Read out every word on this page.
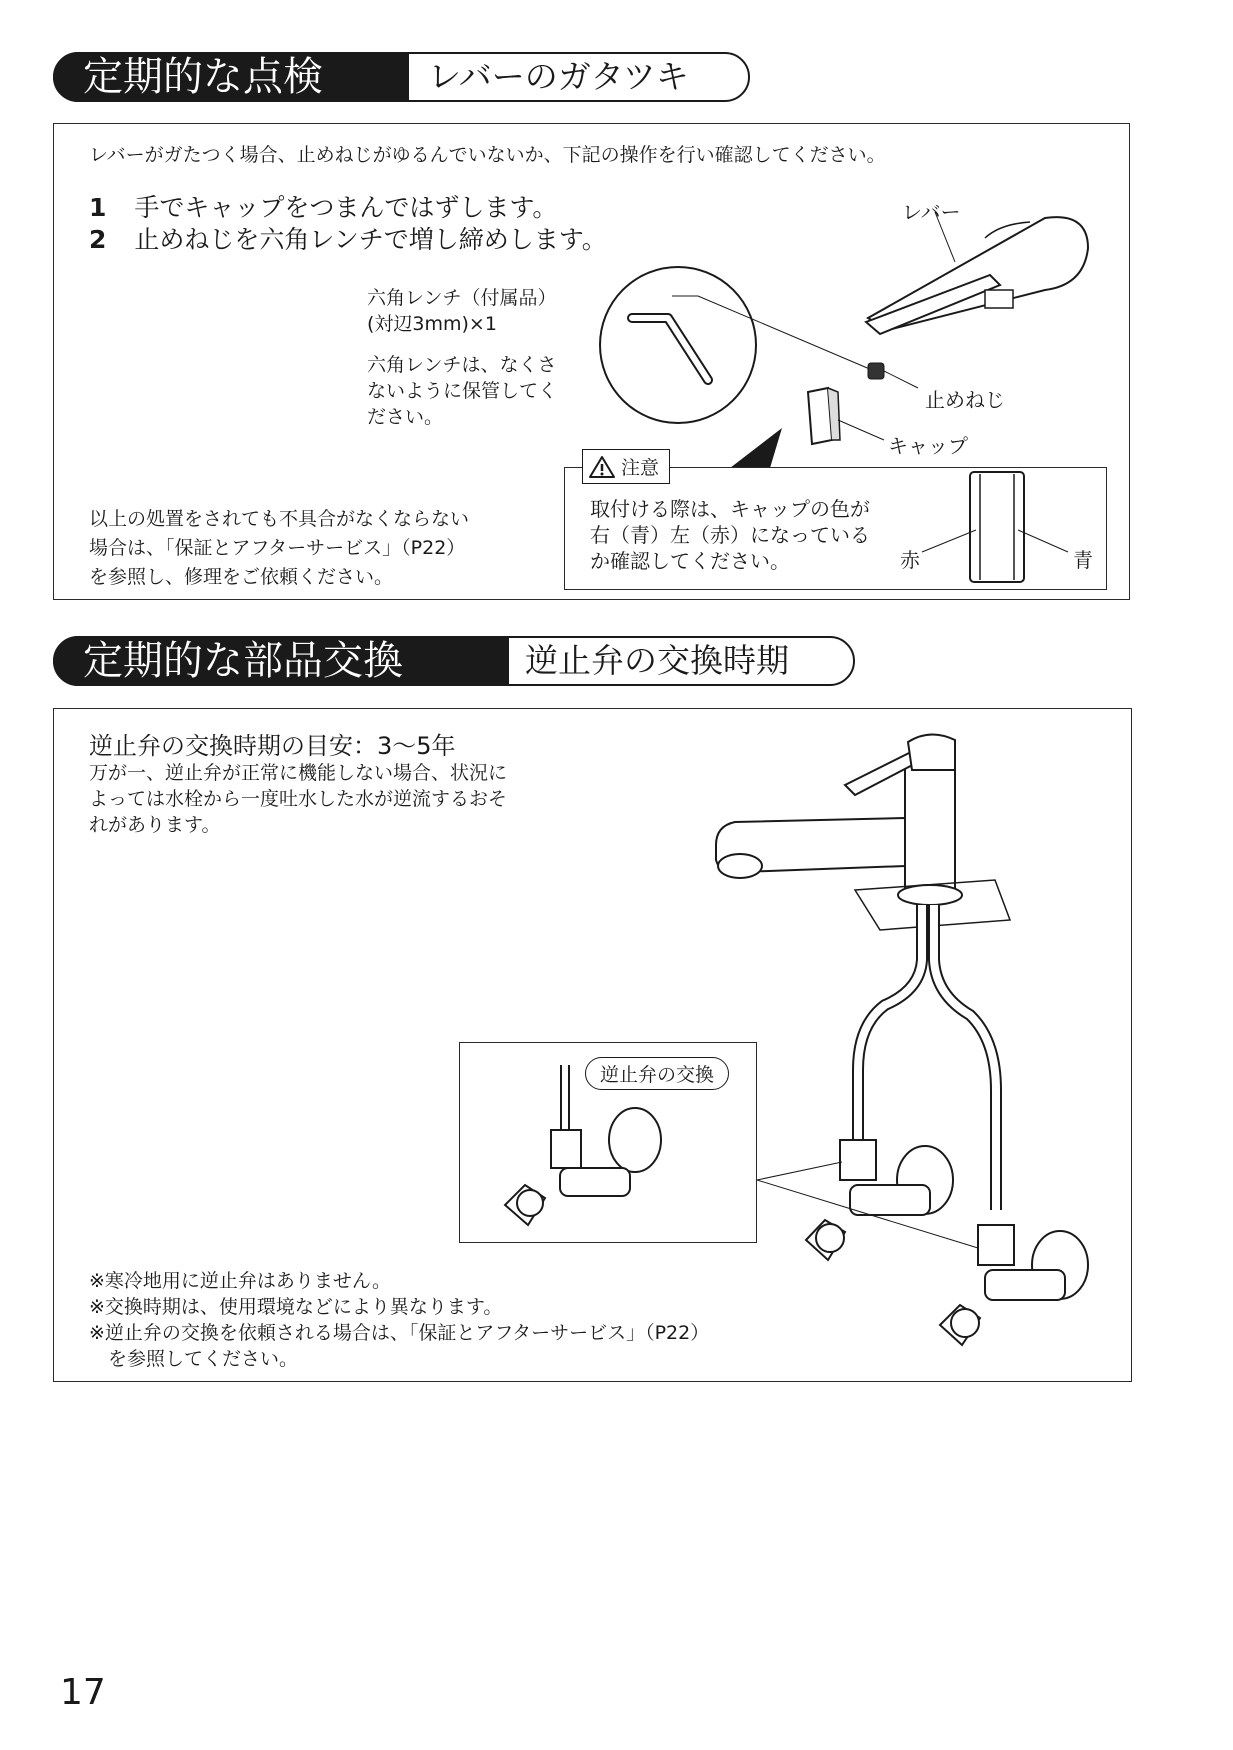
定期的な点検	レバーのガタツキ
レバーがガたつく場合、止めねじがゆるんでいないか、下記の操作を行い確認してください。
1 手でキャップをつまんではずします。
2 止めねじを六角レンチで増し締めします。
六角レンチ（付属品）
(対辺3mm)×1
六角レンチは、なくさ
ないように保管してく
ださい。
レバー
止めねじ
キャップ
注意
取付ける際は、キャップの色が
右（青）左（赤）になっている
か確認してください。	赤	青
以上の処置をされても不具合がなくならない
場合は、「保証とアフターサービス」（P22）
を参照し、修理をご依頼ください。
定期的な部品交換	逆止弁の交換時期
逆止弁の交換時期の目安：3〜5年
万が一、逆止弁が正常に機能しない場合、状況に
よっては水栓から一度吐水した水が逆流するおそ
れがあります。
逆止弁の交換
※寒冷地用に逆止弁はありません。
※交換時期は、使用環境などにより異なります。
※逆止弁の交換を依頼される場合は、「保証とアフターサービス」（P22）
　を参照してください。
17
